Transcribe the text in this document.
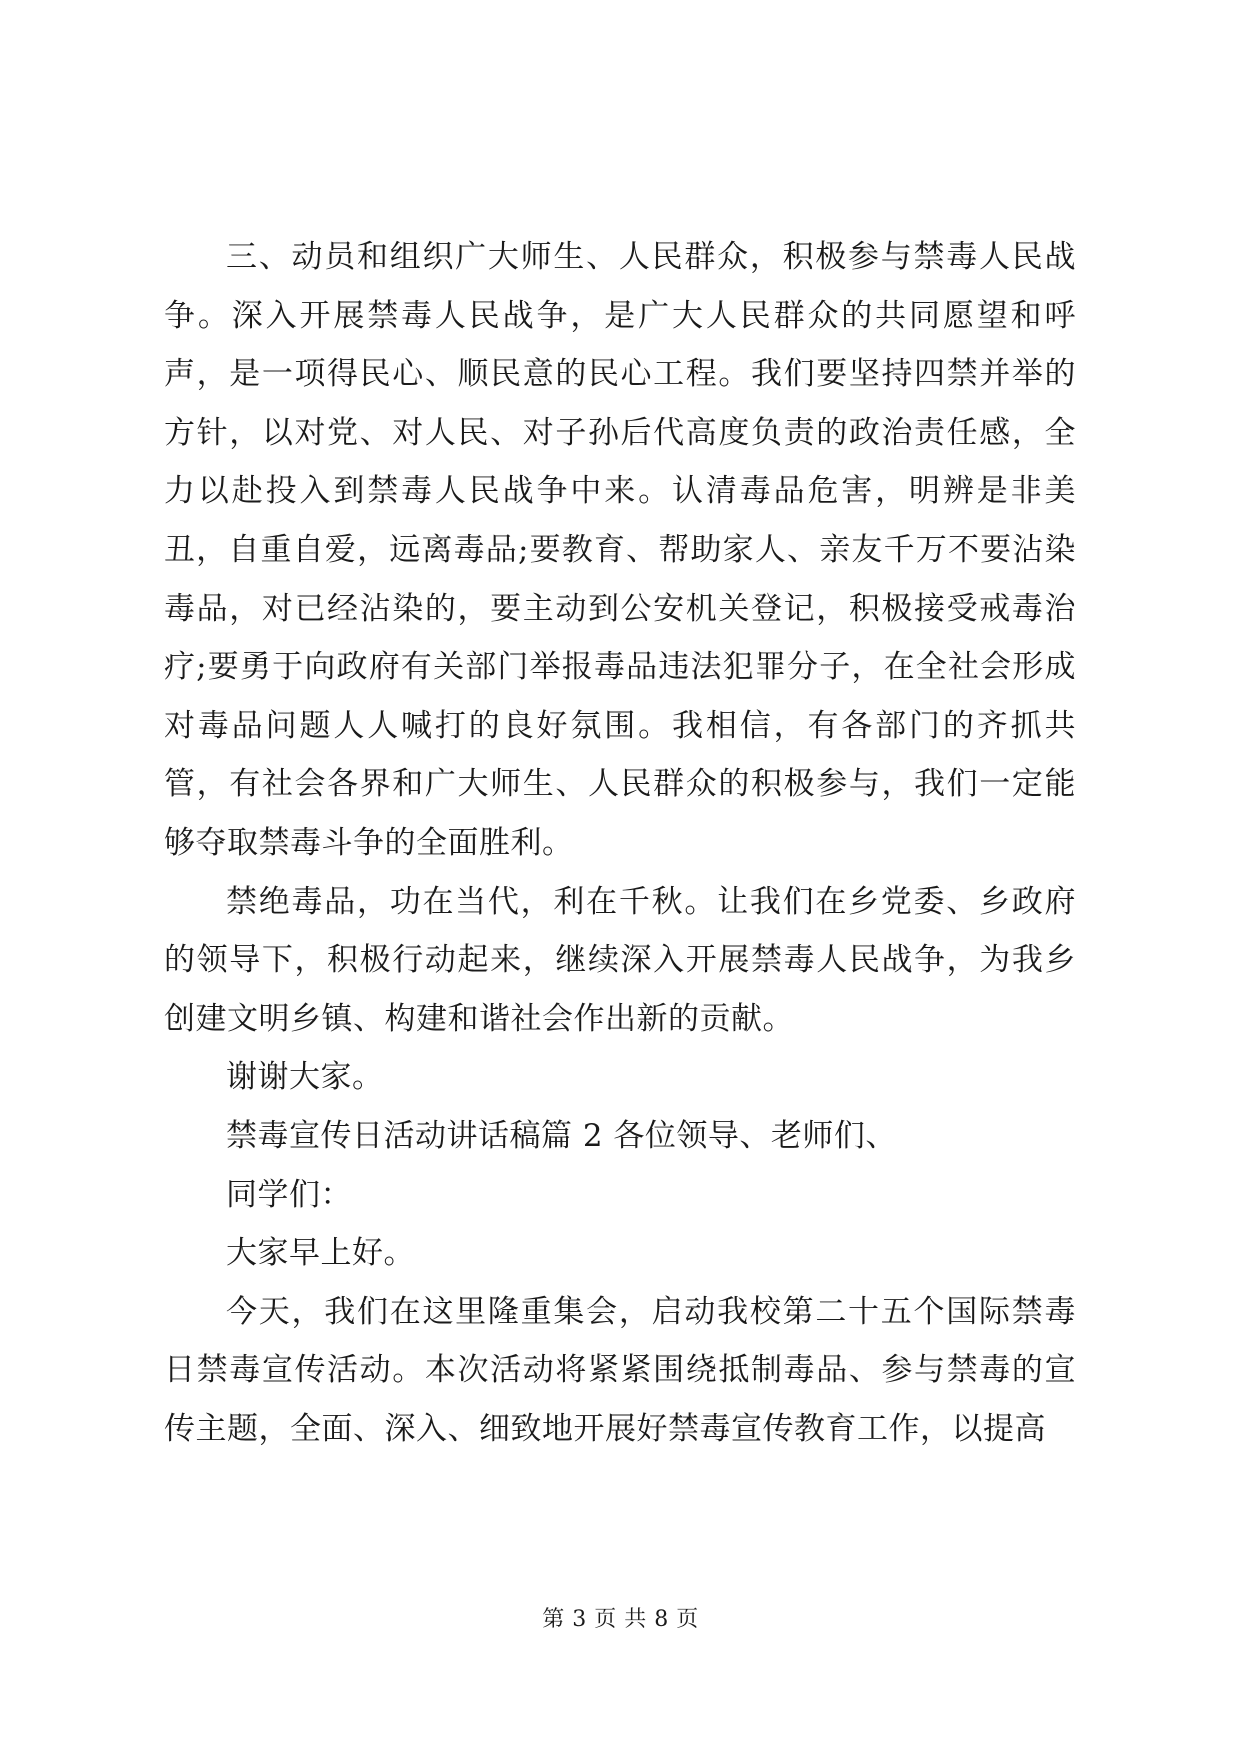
三、动员和组织广大师生、人民群众，积极参与禁毒人民战争。深入开展禁毒人民战争，是广大人民群众的共同愿望和呼声，是一项得民心、顺民意的民心工程。我们要坚持四禁并举的方针，以对党、对人民、对子孙后代高度负责的政治责任感，全力以赴投入到禁毒人民战争中来。认清毒品危害，明辨是非美丑，自重自爱，远离毒品;要教育、帮助家人、亲友千万不要沾染毒品，对已经沾染的，要主动到公安机关登记，积极接受戒毒治疗;要勇于向政府有关部门举报毒品违法犯罪分子，在全社会形成对毒品问题人人喊打的良好氛围。我相信，有各部门的齐抓共管，有社会各界和广大师生、人民群众的积极参与，我们一定能够夺取禁毒斗争的全面胜利。

禁绝毒品，功在当代，利在千秋。让我们在乡党委、乡政府的领导下，积极行动起来，继续深入开展禁毒人民战争，为我乡创建文明乡镇、构建和谐社会作出新的贡献。

谢谢大家。

禁毒宣传日活动讲话稿篇 2 各位领导、老师们、

同学们：

大家早上好。

今天，我们在这里隆重集会，启动我校第二十五个国际禁毒日禁毒宣传活动。本次活动将紧紧围绕抵制毒品、参与禁毒的宣传主题，全面、深入、细致地开展好禁毒宣传教育工作，以提高

第 3 页 共 8 页
